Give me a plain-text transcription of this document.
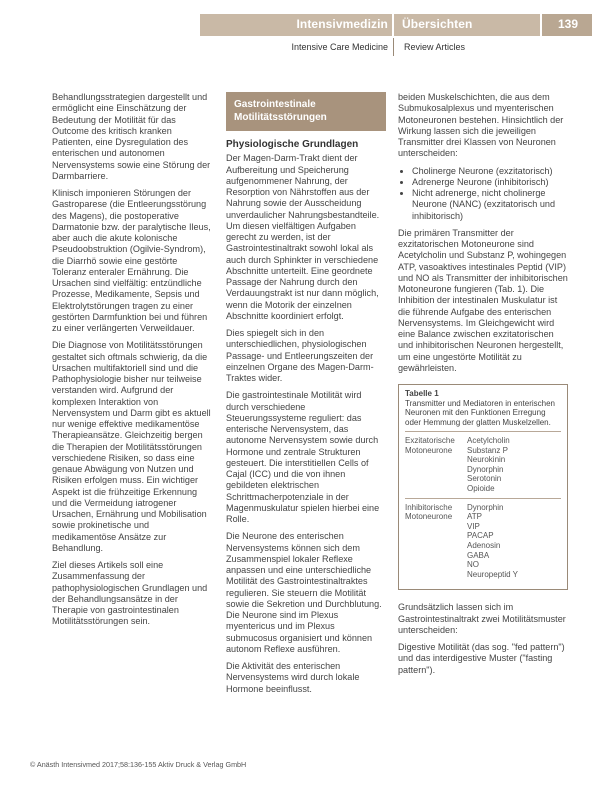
Intensivmedizin Übersichten	139
Intensive Care Medicine Review Articles

Behandlungsstrategien dargestellt und ermöglicht eine Einschätzung der Bedeutung der Motilität für das Outcome des kritisch kranken Patienten, eine Dysregulation des enterischen und autonomen Nervensystems sowie eine Störung der Darmbarriere.

Klinisch imponieren Störungen der Gastroparese (die Entleerungsstörung des Magens), die postoperative Darmatonie bzw. der paralytische Ileus, aber auch die akute kolonische Pseudoobstruktion (Ogilvie-Syndrom), die Diarrhö sowie eine gestörte Toleranz enteraler Ernährung. Die Ursachen sind vielfältig: entzündliche Prozesse, Medikamente, Sepsis und Elektrolytstörungen tragen zu einer gestörten Darmfunktion bei und führen zu einer verlängerten Verweildauer.

Die Diagnose von Motilitätsstörungen gestaltet sich oftmals schwierig, da die Ursachen multifaktoriell sind und die Pathophysiologie bisher nur teilweise verstanden wird. Aufgrund der komplexen Interaktion von Nervensystem und Darm gibt es aktuell nur wenige effektive medikamentöse Therapieansätze. Gleichzeitig bergen die Therapien der Motilitätsstörungen verschiedene Risiken, so dass eine genaue Abwägung von Nutzen und Risiken erfolgen muss. Ein wichtiger Aspekt ist die frühzeitige Erkennung und die Vermeidung iatrogener Ursachen, Ernährung und Mobilisation sowie prokinetische und medikamentöse Ansätze zur Behandlung.

Ziel dieses Artikels soll eine Zusammenfassung der pathophysiologischen Grundlagen und der Behandlungsansätze in der Therapie von gastrointestinalen Motilitätsstörungen sein.

Gastrointestinale Motilitätsstörungen
Physiologische Grundlagen

Der Magen-Darm-Trakt dient der Aufbereitung und Speicherung aufgenommener Nahrung, der Resorption von Nährstoffen aus der Nahrung sowie der Ausscheidung unverdaulicher Nahrungsbestandteile. Um diesen vielfältigen Aufgaben gerecht zu werden, ist der Gastrointestinaltrakt sowohl lokal als auch durch Sphinkter in verschiedene Abschnitte unterteilt. Eine geordnete Passage der Nahrung durch den Verdauungstrakt ist nur dann möglich, wenn die Motorik der einzelnen Abschnitte koordiniert erfolgt.

Dies spiegelt sich in den unterschiedlichen, physiologischen Passage- und Entleerungszeiten der einzelnen Organe des Magen-Darm-Traktes wider.

Die gastrointestinale Motilität wird durch verschiedene Steuerungssysteme reguliert: das enterische Nervensystem, das autonome Nervensystem sowie durch Hormone und zentrale Strukturen gesteuert. Die interstitiellen Cells of Cajal (ICC) und die von ihnen gebildeten elektrischen Schrittmacherpotenziale in der Magenmuskulatur spielen hierbei eine Rolle.

Die Neurone des enterischen Nervensystems können sich dem Zusammenspiel lokaler Reflexe anpassen und eine unterschiedliche Motilität des Gastrointestinaltraktes regulieren. Sie steuern die Motilität sowie die Sekretion und Durchblutung. Die Neurone sind im Plexus myentericus und im Plexus submucosus organisiert und können autonom Reflexe ausführen.

Die Aktivität des enterischen Nervensystems wird durch lokale Hormone beeinflusst.

beiden Muskelschichten, die aus dem Submukosalplexus und myenterischen Motoneuronen bestehen. Hinsichtlich der Wirkung lassen sich die jeweiligen Transmitter drei Klassen von Neuronen unterscheiden:

• Cholinerge Neurone (exzitatorisch)
• Adrenerge Neurone (inhibitorisch)
• Nicht adrenerge, nicht cholinerge Neurone (NANC) (exzitatorisch und inhibitorisch)

Die primären Transmitter der exzitatorischen Motoneurone sind Acetylcholin und Substanz P, wohingegen ATP, vasoaktives intestinales Peptid (VIP) und NO als Transmitter der inhibitorischen Motoneurone fungieren (Tab. 1). Die Inhibition der intestinalen Muskulatur ist die führende Aufgabe des enterischen Nervensystems. Im Gleichgewicht wird eine Balance zwischen exzitatorischen und inhibitorischen Neuronen hergestellt, um eine ungestörte Motilität zu gewährleisten.

Tabelle 1
Transmitter und Mediatoren in enterischen Neuronen mit den Funktionen Erregung oder Hemmung der glatten Muskelzellen.
Exzitatorische Motoneurone
Acetylcholin
Substanz P
Neurokinin
Dynorphin
Serotonin
Opioide
Inhibitorische Motoneurone
Dynorphin
ATP
VIP
PACAP
Adenosin
GABA
NO
Neuropeptid Y

Grundsätzlich lassen sich im Gastrointestinaltrakt zwei Motilitätsmuster unterscheiden:

Digestive Motilität (das sog. "fed pattern") und das interdigestive Muster ("fasting pattern").

© Anästh Intensivmed 2017;58:136-155 Aktiv Druck & Verlag GmbH
